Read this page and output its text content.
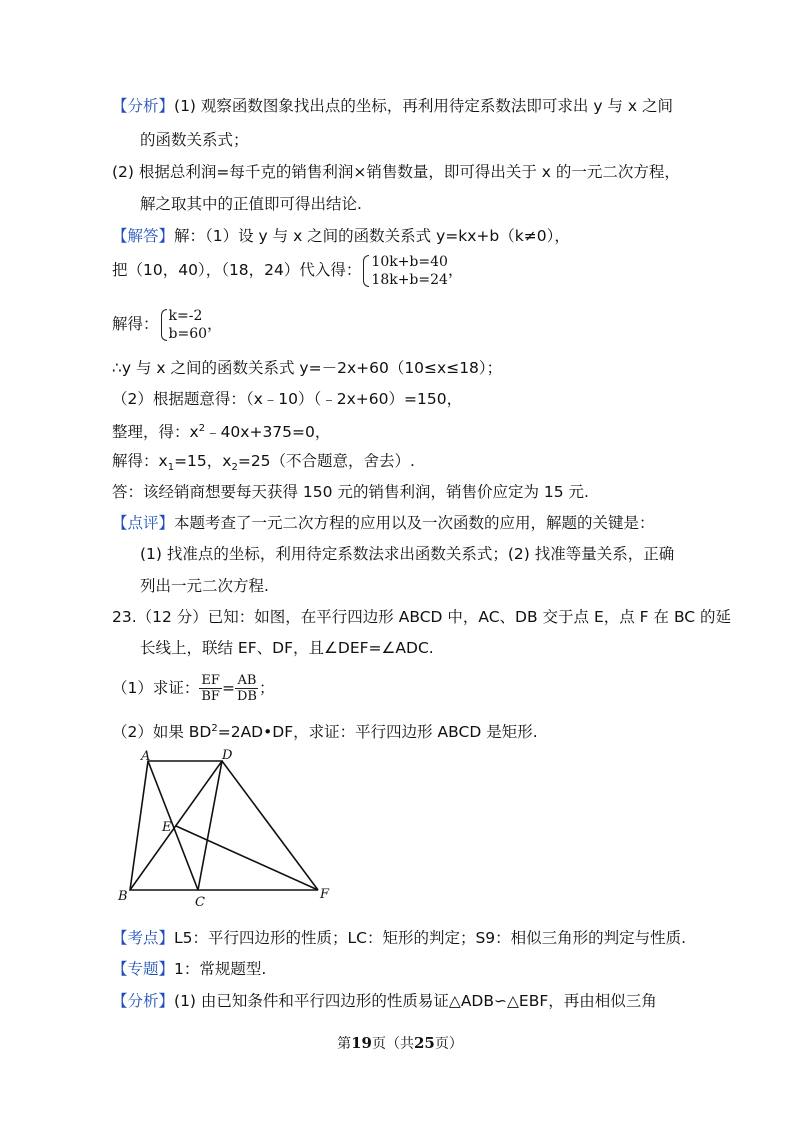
【分析】(1) 观察函数图象找出点的坐标，再利用待定系数法即可求出 y 与 x 之间
的函数关系式；
(2) 根据总利润=每千克的销售利润×销售数量，即可得出关于 x 的一元二次方程，
解之取其中的正值即可得出结论.
【解答】解：（1）设 y 与 x 之间的函数关系式 y=kx+b（k≠0），
把（10，40），（18，24）代入得： 10k+b=40
18k+b=24
，
解得： k=-2
b=60
，
∴y 与 x 之间的函数关系式 y=－2x+60（10≤x≤18）；
（2）根据题意得：（x﹣10）（﹣2x+60）=150，
整理，得：$x^2﹣40x+375=0$，
解得：$x_1=15$，$x_2=25$（不合题意，舍去）.
答：该经销商想要每天获得 150 元的销售利润，销售价应定为 15 元.
【点评】本题考查了一元二次方程的应用以及一次函数的应用，解题的关键是：
(1) 找准点的坐标，利用待定系数法求出函数关系式；(2) 找准等量关系，正确
列出一元二次方程.
23.（12 分）已知：如图，在平行四边形 ABCD 中，AC、DB 交于点 E，点 F 在 BC 的延
长线上，联结 EF、DF，且∠DEF=∠ADC.
（1）求证： $\frac{EF}{BF} = \frac{AB}{DB}$ ；
（2）如果 $BD^2=2AD•DF$，求证：平行四边形 ABCD 是矩形.
A	D
E
B	C
F
【考点】L5：平行四边形的性质；LC：矩形的判定；S9：相似三角形的判定与性质.
【专题】1：常规题型.
【分析】(1) 由已知条件和平行四边形的性质易证△ADB∽△EBF，再由相似三角
第19页（共25页）
